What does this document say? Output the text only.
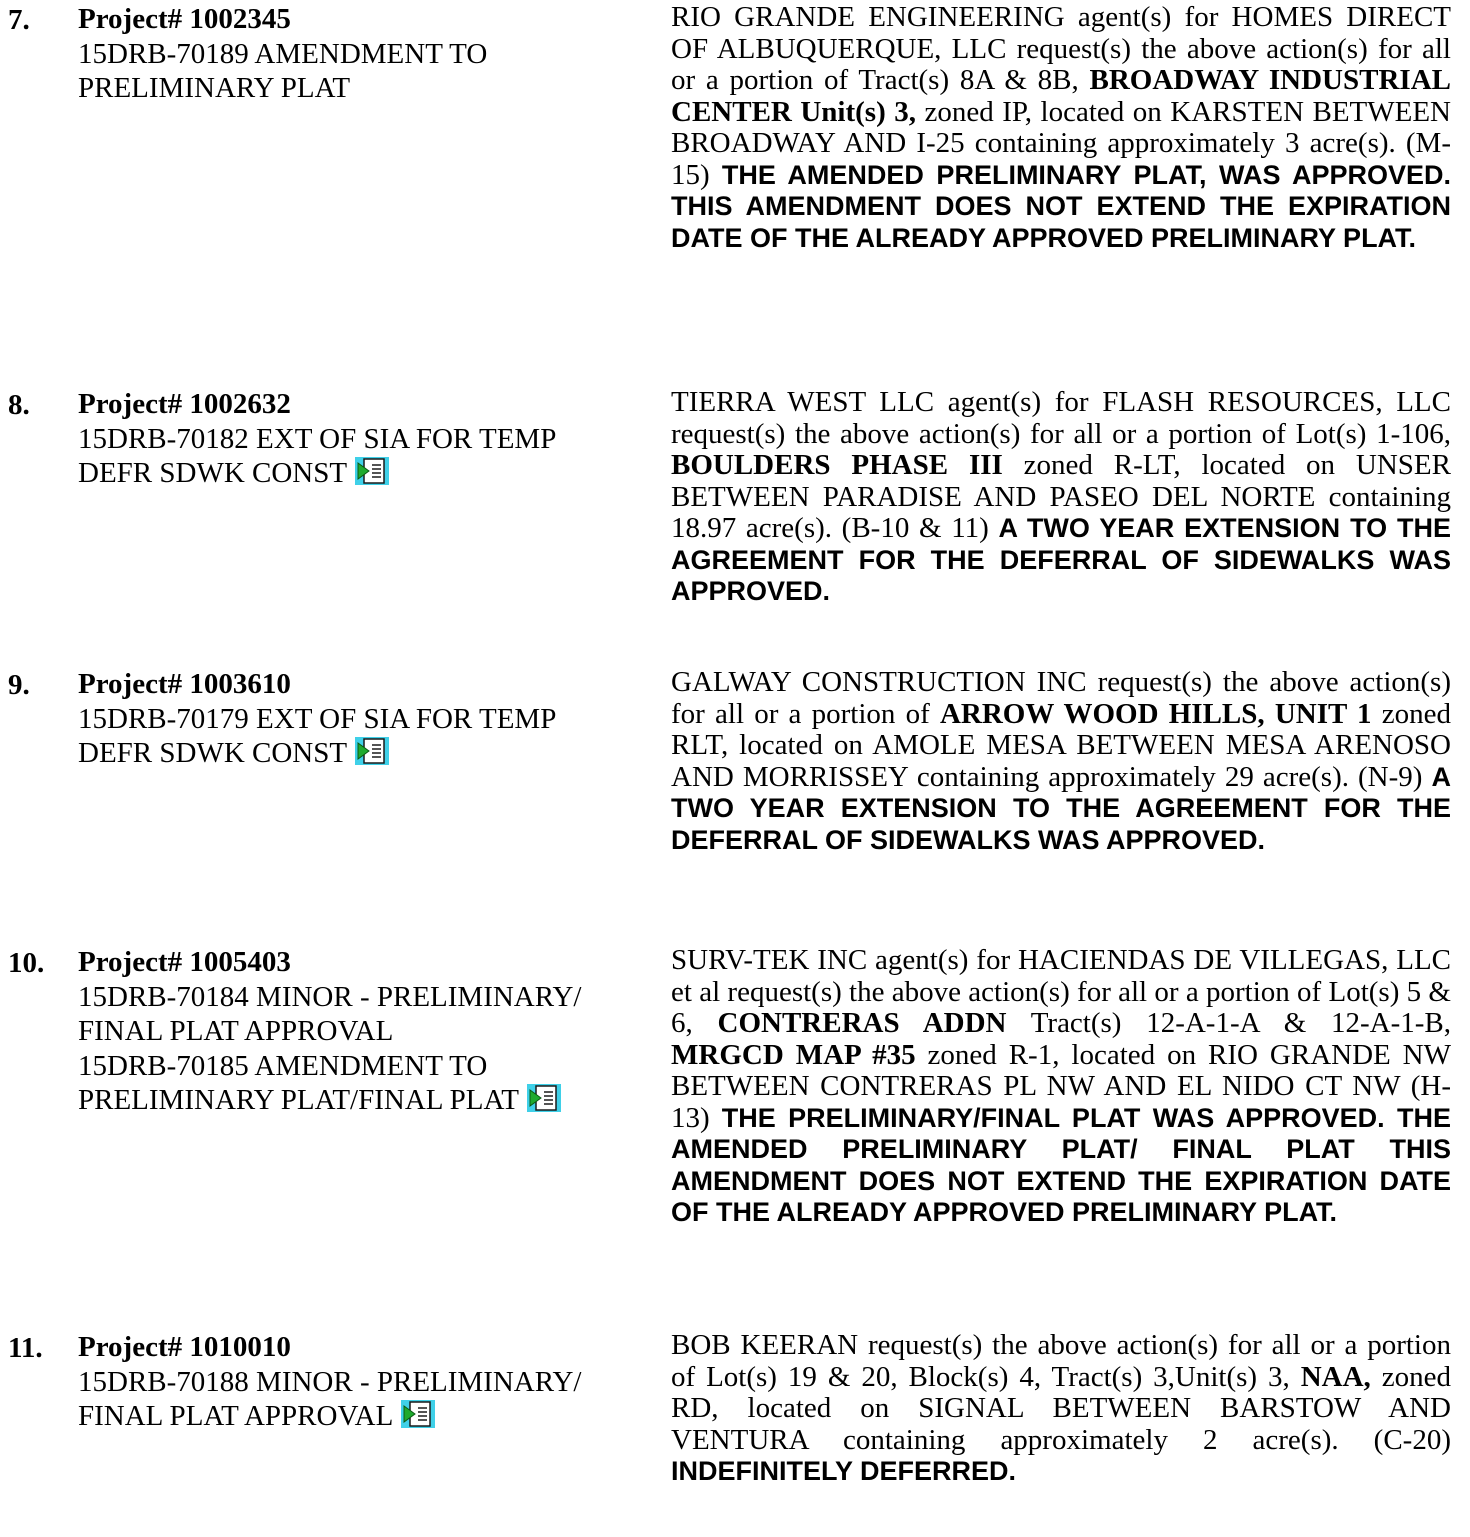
7. Project# 1002345
15DRB-70189 AMENDMENT TO
PRELIMINARY PLAT
RIO GRANDE ENGINEERING agent(s) for HOMES DIRECT OF ALBUQUERQUE, LLC request(s) the above action(s) for all or a portion of Tract(s) 8A & 8B, BROADWAY INDUSTRIAL CENTER Unit(s) 3, zoned IP, located on KARSTEN BETWEEN BROADWAY AND I-25 containing approximately 3 acre(s). (M-15) THE AMENDED PRELIMINARY PLAT, WAS APPROVED. THIS AMENDMENT DOES NOT EXTEND THE EXPIRATION DATE OF THE ALREADY APPROVED PRELIMINARY PLAT.
8. Project# 1002632
15DRB-70182 EXT OF SIA FOR TEMP
DEFR SDWK CONST
TIERRA WEST LLC agent(s) for FLASH RESOURCES, LLC request(s) the above action(s) for all or a portion of Lot(s) 1-106, BOULDERS PHASE III zoned R-LT, located on UNSER BETWEEN PARADISE AND PASEO DEL NORTE containing 18.97 acre(s). (B-10 & 11) A TWO YEAR EXTENSION TO THE AGREEMENT FOR THE DEFERRAL OF SIDEWALKS WAS APPROVED.
9. Project# 1003610
15DRB-70179 EXT OF SIA FOR TEMP
DEFR SDWK CONST
GALWAY CONSTRUCTION INC request(s) the above action(s) for all or a portion of ARROW WOOD HILLS, UNIT 1 zoned RLT, located on AMOLE MESA BETWEEN MESA ARENOSO AND MORRISSEY containing approximately 29 acre(s). (N-9) A TWO YEAR EXTENSION TO THE AGREEMENT FOR THE DEFERRAL OF SIDEWALKS WAS APPROVED.
10. Project# 1005403
15DRB-70184 MINOR - PRELIMINARY/
FINAL PLAT APPROVAL
15DRB-70185 AMENDMENT TO
PRELIMINARY PLAT/FINAL PLAT
SURV-TEK INC agent(s) for HACIENDAS DE VILLEGAS, LLC et al request(s) the above action(s) for all or a portion of Lot(s) 5 & 6, CONTRERAS ADDN Tract(s) 12-A-1-A & 12-A-1-B, MRGCD MAP #35 zoned R-1, located on RIO GRANDE NW BETWEEN CONTRERAS PL NW AND EL NIDO CT NW (H-13) THE PRELIMINARY/FINAL PLAT WAS APPROVED. THE AMENDED PRELIMINARY PLAT/ FINAL PLAT THIS AMENDMENT DOES NOT EXTEND THE EXPIRATION DATE OF THE ALREADY APPROVED PRELIMINARY PLAT.
11. Project# 1010010
15DRB-70188 MINOR - PRELIMINARY/
FINAL PLAT APPROVAL
BOB KEERAN request(s) the above action(s) for all or a portion of Lot(s) 19 & 20, Block(s) 4, Tract(s) 3,Unit(s) 3, NAA, zoned RD, located on SIGNAL BETWEEN BARSTOW AND VENTURA containing approximately 2 acre(s). (C-20) INDEFINITELY DEFERRED.
